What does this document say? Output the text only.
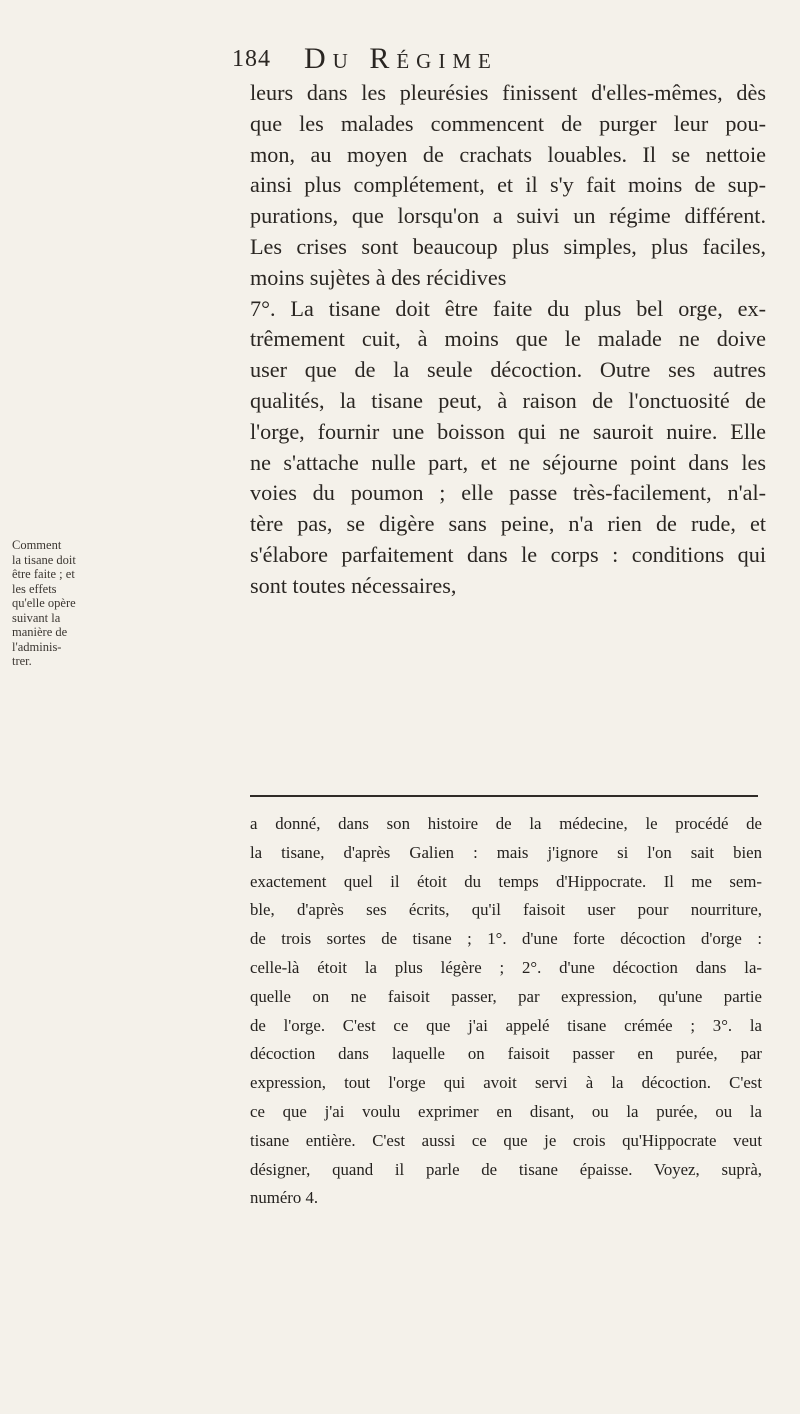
184 Du Régime
Comment
la tisane doit
être faite ; et
les effets
qu'elle opère
suivant la
manière de
l'adminis-
trer.
leurs dans les pleurésies finissent d'elles-mêmes, dès
que les malades commencent de purger leur pou-
mon, au moyen de crachats louables. Il se nettoie
ainsi plus complétement, et il s'y fait moins de sup-
purations, que lorsqu'on a suivi un régime différent.
Les crises sont beaucoup plus simples, plus faciles,
moins sujètes à des récidives
7°. La tisane doit être faite du plus bel orge, ex-
trêmement cuit, à moins que le malade ne doive
user que de la seule décoction. Outre ses autres
qualités, la tisane peut, à raison de l'onctuosité de
l'orge, fournir une boisson qui ne sauroit nuire. Elle
ne s'attache nulle part, et ne séjourne point dans les
voies du poumon ; elle passe très-facilement, n'al-
tère pas, se digère sans peine, n'a rien de rude, et
s'élabore parfaitement dans le corps : conditions qui
sont toutes nécessaires,
a donné, dans son histoire de la médecine, le procédé de
la tisane, d'après Galien : mais j'ignore si l'on sait bien
exactement quel il étoit du temps d'Hippocrate. Il me sem-
ble, d'après ses écrits, qu'il faisoit user pour nourriture,
de trois sortes de tisane ; 1°. d'une forte décoction d'orge :
celle-là étoit la plus légère ; 2°. d'une décoction dans la-
quelle on ne faisoit passer, par expression, qu'une partie
de l'orge. C'est ce que j'ai appelé tisane crémée ; 3°. la
décoction dans laquelle on faisoit passer en purée, par
expression, tout l'orge qui avoit servi à la décoction. C'est
ce que j'ai voulu exprimer en disant, ou la purée, ou la
tisane entière. C'est aussi ce que je crois qu'Hippocrate veut
désigner, quand il parle de tisane épaisse. Voyez, suprà,
numéro 4.
